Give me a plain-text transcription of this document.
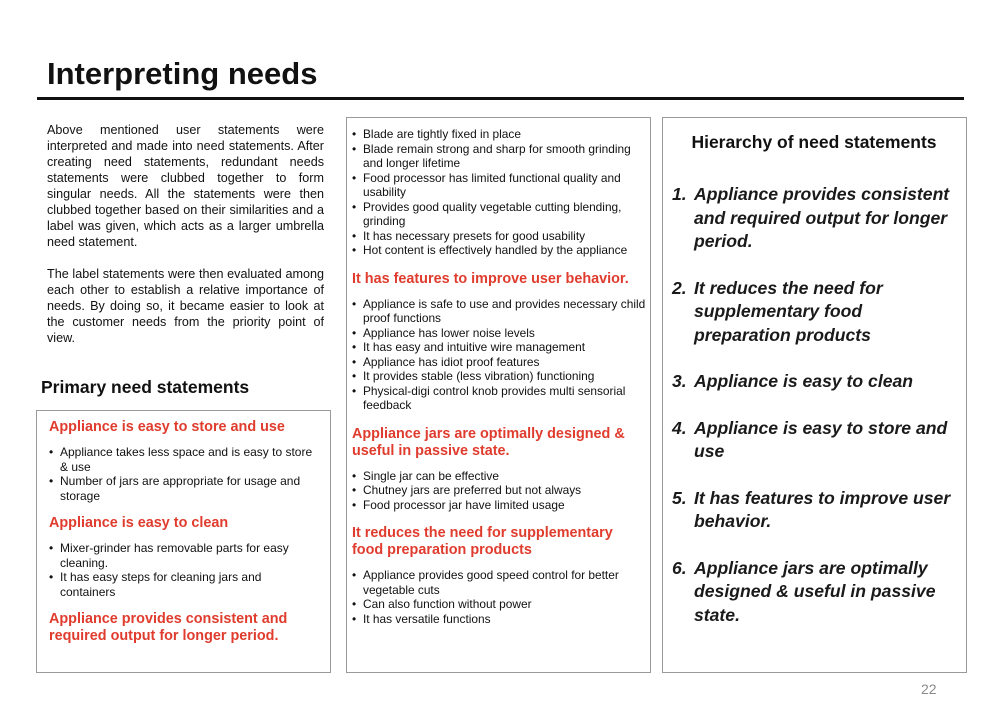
Interpreting needs

Above mentioned user statements were interpreted and made into need statements. After creating need statements, redundant needs statements were clubbed together to form singular needs. All the statements were then clubbed together based on their similarities and a label was given, which acts as a larger umbrella need statement.

The label statements were then evaluated among each other to establish a relative importance of needs. By doing so, it became easier to look at the customer needs from the priority point of view.

Primary need statements
Appliance is easy to store and use
• Appliance takes less space and is easy to store & use
• Number of jars are appropriate for usage and storage
Appliance is easy to clean
• Mixer-grinder has removable parts for easy cleaning.
• It has easy steps for cleaning jars and containers
Appliance provides consistent and required output for longer period.
• Blade are tightly fixed in place
• Blade remain strong and sharp for smooth grinding and longer lifetime
• Food processor has limited functional quality and usability
• Provides good quality vegetable cutting blending, grinding
• It has necessary presets for good usability
• Hot content is effectively handled by the appliance
It has features to improve user behavior.
• Appliance is safe to use and provides necessary child proof functions
• Appliance has lower noise levels
• It has easy and intuitive wire management
• Appliance has idiot proof features
• It provides stable (less vibration) functioning
• Physical-digi control knob provides multi sensorial feedback
Appliance jars are optimally designed & useful in passive state.
• Single jar can be effective
• Chutney jars are preferred but not always
• Food processor jar have limited usage
It reduces the need for supplementary food preparation products
• Appliance provides good speed control for better vegetable cuts
• Can also function without power
• It has versatile functions
Hierarchy of need statements
1. Appliance provides consistent and required output for longer period.
2. It reduces the need for supplementary food preparation products
3. Appliance is easy to clean
4. Appliance is easy to store and use
5. It has features to improve user behavior.
6. Appliance jars are optimally designed & useful in passive state.
22
